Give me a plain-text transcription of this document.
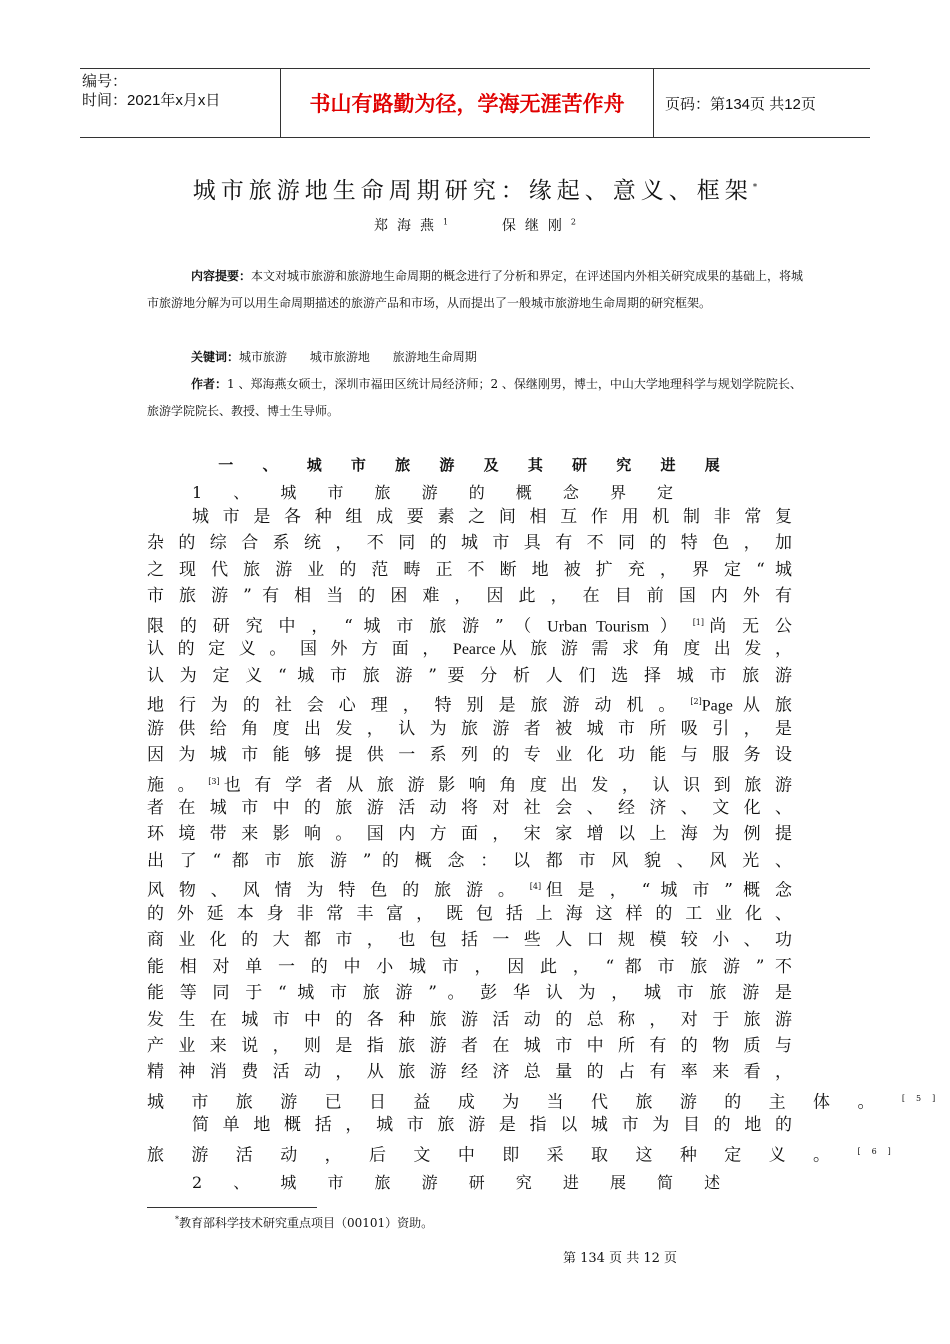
编号：
时间：2021年x月x日	书山有路勤为径，学海无涯苦作舟	页码：第134页 共12页
城市旅游地生命周期研究：缘起、意义、框架*
郑海燕$^1$	保继刚$^2$
内容提要：本文对城市旅游和旅游地生命周期的概念进行了分析和界定，在评述国内外相关研究成果的基础上，将城市旅游地分解为可以用生命周期描述的旅游产品和市场，从而提出了一般城市旅游地生命周期的研究框架。
关键词：城市旅游      城市旅游地      旅游地生命周期
作者：1 、郑海燕女硕士，深圳市福田区统计局经济师；2 、保继刚男，博士，中山大学地理科学与规划学院院长、旅游学院院长、教授、博士生导师。
一 、 城 市 旅 游 及 其 研 究 进 展
1 、 城 市 旅 游 的 概 念 界 定
城 市 是 各 种 组 成 要 素 之 间 相 互 作 用 机 制 非 常 复
杂 的 综 合 系 统 ， 不 同 的 城 市 具 有 不 同 的 特 色 ， 加
之 现 代 旅 游 业 的 范 畴 正 不 断 地 被 扩 充 ， 界 定 “ 城
市 旅 游 ” 有 相 当 的 困 难 ， 因 此 ， 在 目 前 国 内 外 有
限 的 研 究 中 ， “ 城 市 旅 游 ” （ Urban Tourism ） [1]尚 无 公
认 的 定 义 。 国 外 方 面 ， Pearce从 旅 游 需 求 角 度 出 发 ，
认 为 定 义 “ 城 市 旅 游 ” 要 分 析 人 们 选 择 城 市 旅 游
地 行 为 的 社 会 心 理 ， 特 别 是 旅 游 动 机 。 [2]Page 从 旅
游 供 给 角 度 出 发 ， 认 为 旅 游 者 被 城 市 所 吸 引 ， 是
因 为 城 市 能 够 提 供 一 系 列 的 专 业 化 功 能 与 服 务 设
施 。 [3]也 有 学 者 从 旅 游 影 响 角 度 出 发 ， 认 识 到 旅 游
者 在 城 市 中 的 旅 游 活 动 将 对 社 会 、 经 济 、 文 化 、
环 境 带 来 影 响 。 国 内 方 面 ， 宋 家 增 以 上 海 为 例 提
出 了 “ 都 市 旅 游 ” 的 概 念 ： 以 都 市 风 貌 、 风 光 、
风 物 、 风 情 为 特 色 的 旅 游 。 [4]但 是 ， “ 城 市 ” 概 念
的 外 延 本 身 非 常 丰 富 ， 既 包 括 上 海 这 样 的 工 业 化 、
商 业 化 的 大 都 市 ， 也 包 括 一 些 人 口 规 模 较 小 、 功
能 相 对 单 一 的 中 小 城 市 ， 因 此 ， “ 都 市 旅 游 ” 不
能 等 同 于 “ 城 市 旅 游 ” 。 彭 华 认 为 ， 城 市 旅 游 是
发 生 在 城 市 中 的 各 种 旅 游 活 动 的 总 称 ， 对 于 旅 游
产 业 来 说 ， 则 是 指 旅 游 者 在 城 市 中 所 有 的 物 质 与
精 神 消 费 活 动 ， 从 旅 游 经 济 总 量 的 占 有 率 来 看 ，
城 市 旅 游 已 日 益 成 为 当 代 旅 游 的 主 体 。 [5]
简 单 地 概 括 ， 城 市 旅 游 是 指 以 城 市 为 目 的 地 的
旅 游 活 动 ， 后 文 中 即 采 取 这 种 定 义 。 [6]
2 、 城 市 旅 游 研 究 进 展 简 述
*教育部科学技术研究重点项目（00101）资助。
第 134 页 共 12 页
